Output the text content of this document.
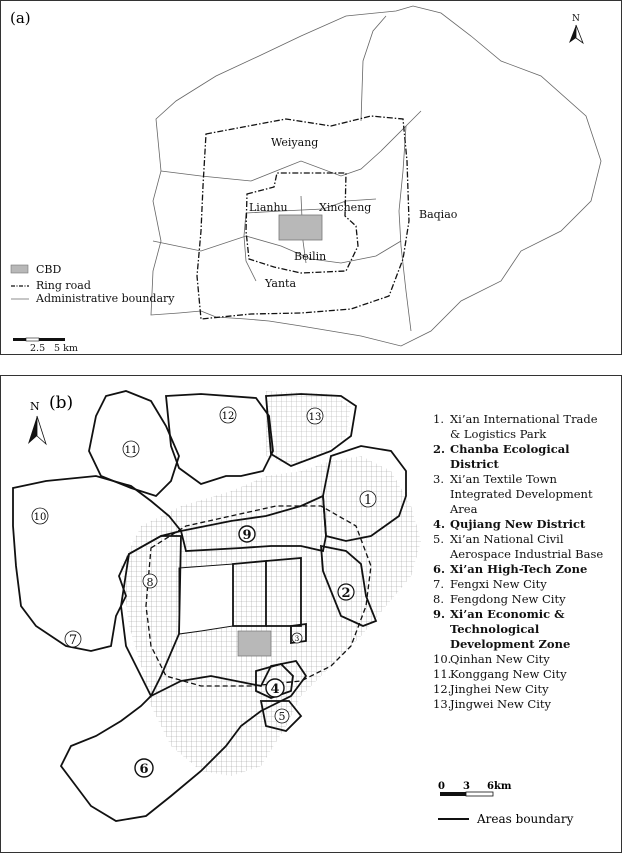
Weiyang
Lianhu	Xincheng
Baqiao
Beilin
Yanta
(a)	N
CBD
Ring road
Administrative boundary
2.5 5 km
1
2
3
4
5
6
7
8
9
10
11
12	13
(b)
N
0 3 6km
Areas boundary
1. Xi’an International Trade
& Logistics Park
2. Chanba Ecological
District
3. Xi’an Textile Town
Integrated Development
Area
4. Qujiang New District
5. Xi’an National Civil
Aerospace Industrial Base
6. Xi’an High-Tech Zone
7. Fengxi New City
8. Fengdong New City
9. Xi’an Economic &
Technological
Development Zone
10.Qinhan New City
11.Konggang New City
12.Jinghei New City
13.Jingwei New City
